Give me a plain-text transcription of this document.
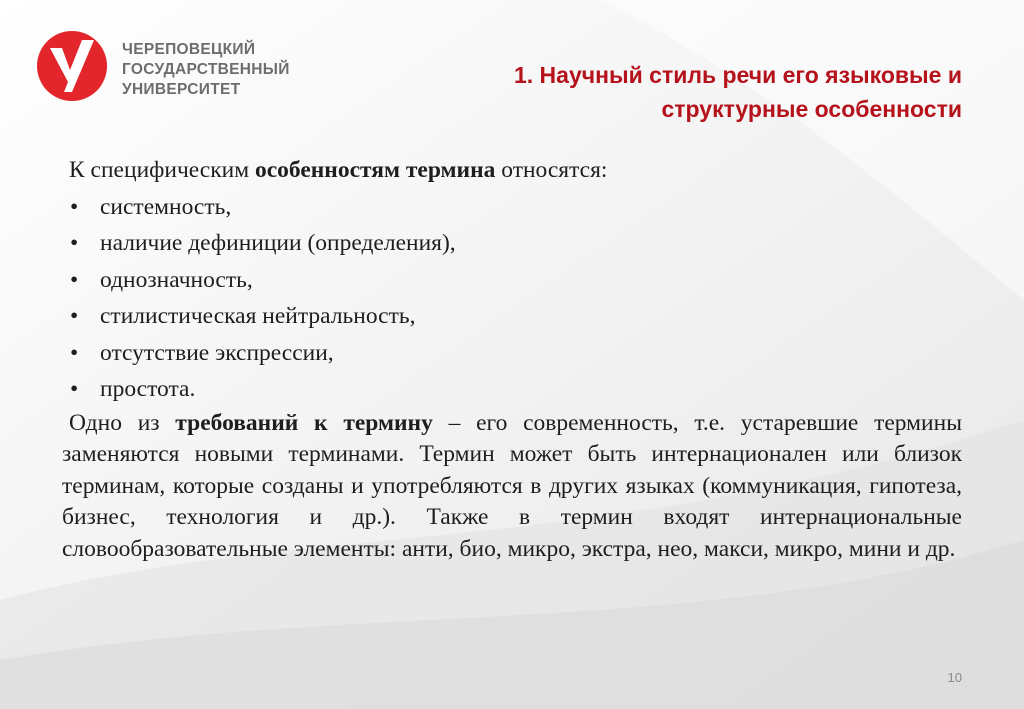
ЧЕРЕПОВЕЦКИЙ
ГОСУДАРСТВЕННЫЙ
УНИВЕРСИТЕТ
1. Научный стиль речи его языковые и
структурные особенности
К специфическим особенностям термина относятся:
• системность,
• наличие дефиниции (определения),
• однозначность,
• стилистическая нейтральность,
• отсутствие экспрессии,
• простота.
Одно из требований к термину – его современность, т.е. устаревшие термины заменяются новыми терминами. Термин может быть интернационален или близок терминам, которые созданы и употребляются в других языках (коммуникация, гипотеза, бизнес, технология и др.). Также в термин входят интернациональные словообразовательные элементы: анти, био, микро, экстра, нео, макси, микро, мини и др.
10
